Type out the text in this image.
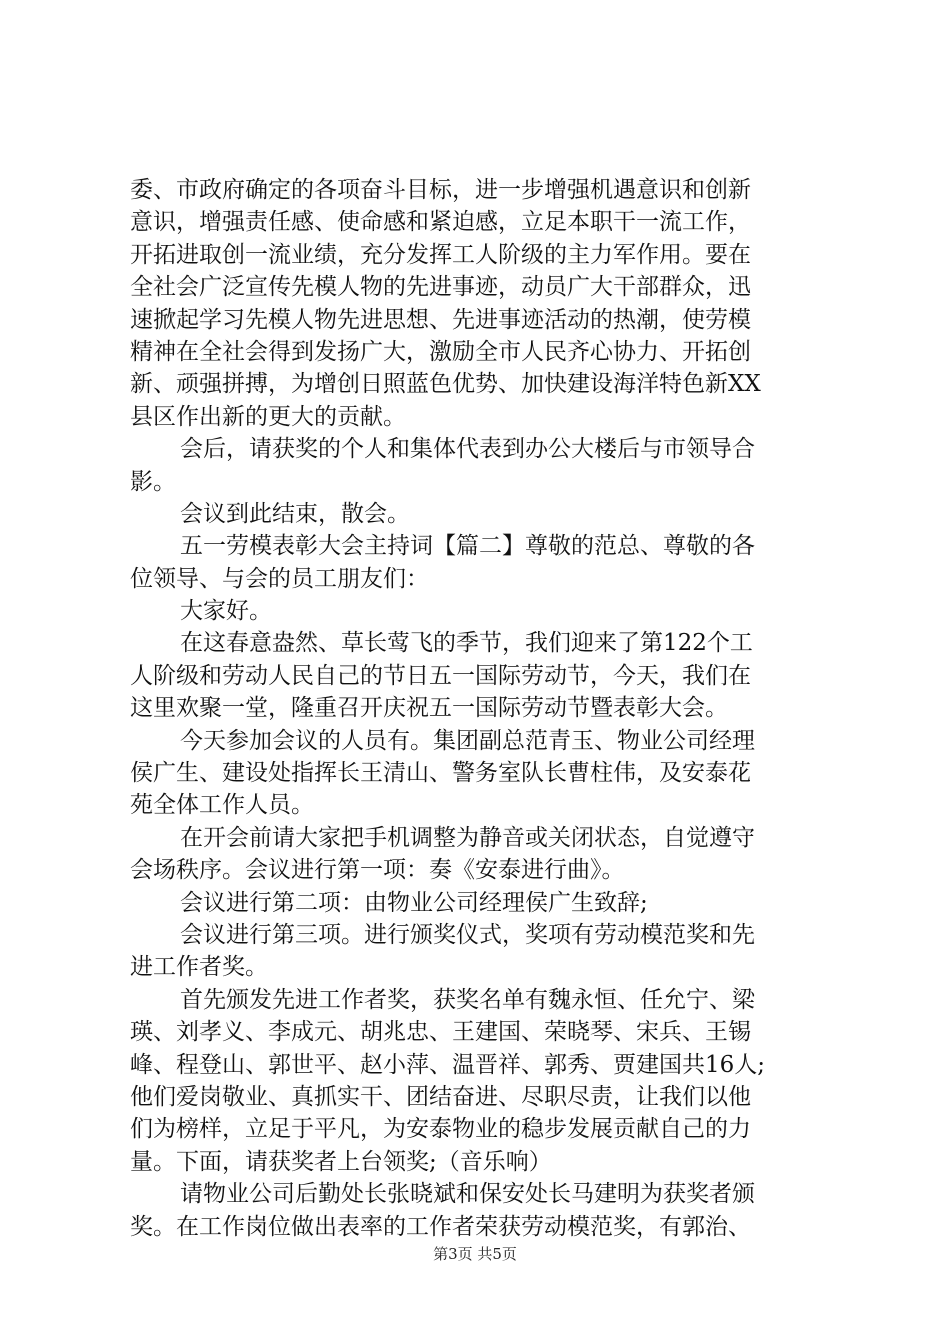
委、市政府确定的各项奋斗目标，进一步增强机遇意识和创新
意识，增强责任感、使命感和紧迫感，立足本职干一流工作，
开拓进取创一流业绩，充分发挥工人阶级的主力军作用。要在
全社会广泛宣传先模人物的先进事迹，动员广大干部群众，迅
速掀起学习先模人物先进思想、先进事迹活动的热潮，使劳模
精神在全社会得到发扬广大，激励全市人民齐心协力、开拓创
新、顽强拼搏，为增创日照蓝色优势、加快建设海洋特色新XX
县区作出新的更大的贡献。
会后，请获奖的个人和集体代表到办公大楼后与市领导合
影。
会议到此结束，散会。
五一劳模表彰大会主持词【篇二】尊敬的范总、尊敬的各
位领导、与会的员工朋友们：
大家好。
在这春意盎然、草长莺飞的季节，我们迎来了第122个工
人阶级和劳动人民自己的节日五一国际劳动节，今天，我们在
这里欢聚一堂，隆重召开庆祝五一国际劳动节暨表彰大会。
今天参加会议的人员有。集团副总范青玉、物业公司经理
侯广生、建设处指挥长王清山、警务室队长曹柱伟，及安泰花
苑全体工作人员。
在开会前请大家把手机调整为静音或关闭状态，自觉遵守
会场秩序。会议进行第一项：奏《安泰进行曲》。
会议进行第二项：由物业公司经理侯广生致辞;
会议进行第三项。进行颁奖仪式，奖项有劳动模范奖和先
进工作者奖。
首先颁发先进工作者奖，获奖名单有魏永恒、任允宁、梁
瑛、刘孝义、李成元、胡兆忠、王建国、荣晓琴、宋兵、王锡
峰、程登山、郭世平、赵小萍、温晋祥、郭秀、贾建国共16人;
他们爱岗敬业、真抓实干、团结奋进、尽职尽责，让我们以他
们为榜样，立足于平凡，为安泰物业的稳步发展贡献自己的力
量。下面，请获奖者上台领奖;（音乐响）
请物业公司后勤处长张晓斌和保安处长马建明为获奖者颁
奖。在工作岗位做出表率的工作者荣获劳动模范奖，有郭治、
第3页 共5页
